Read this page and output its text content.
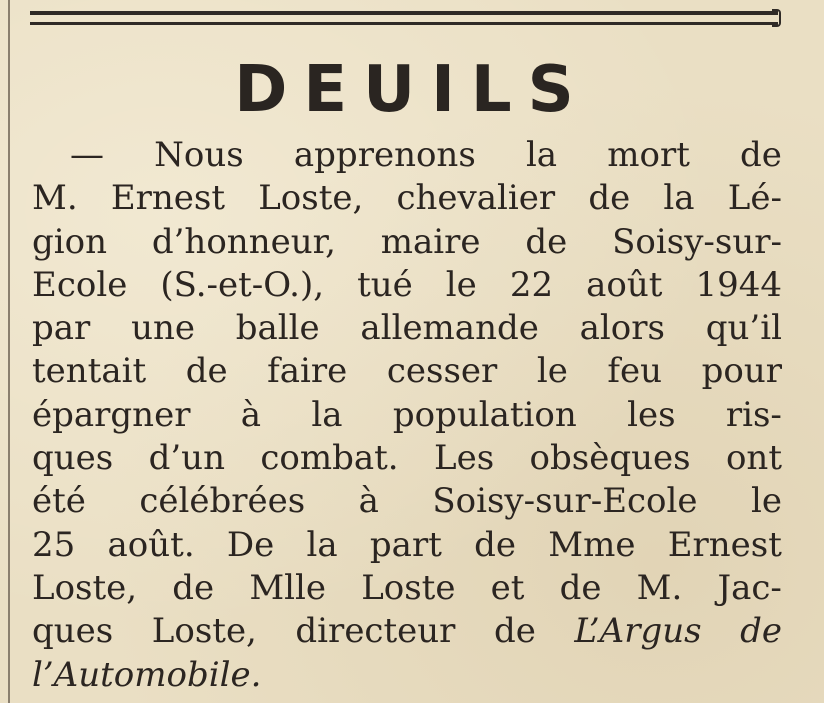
DEUILS
— Nous apprenons la mort de
M. Ernest Loste, chevalier de la Lé-
gion d’honneur, maire de Soisy-sur-
Ecole (S.-et-O.), tué le 22 août 1944
par une balle allemande alors qu’il
tentait de faire cesser le feu pour
épargner à la population les ris-
ques d’un combat. Les obsèques ont
été célébrées à Soisy-sur-Ecole le
25 août. De la part de Mme Ernest
Loste, de Mlle Loste et de M. Jac-
ques Loste, directeur de L’Argus de
l’Automobile.
